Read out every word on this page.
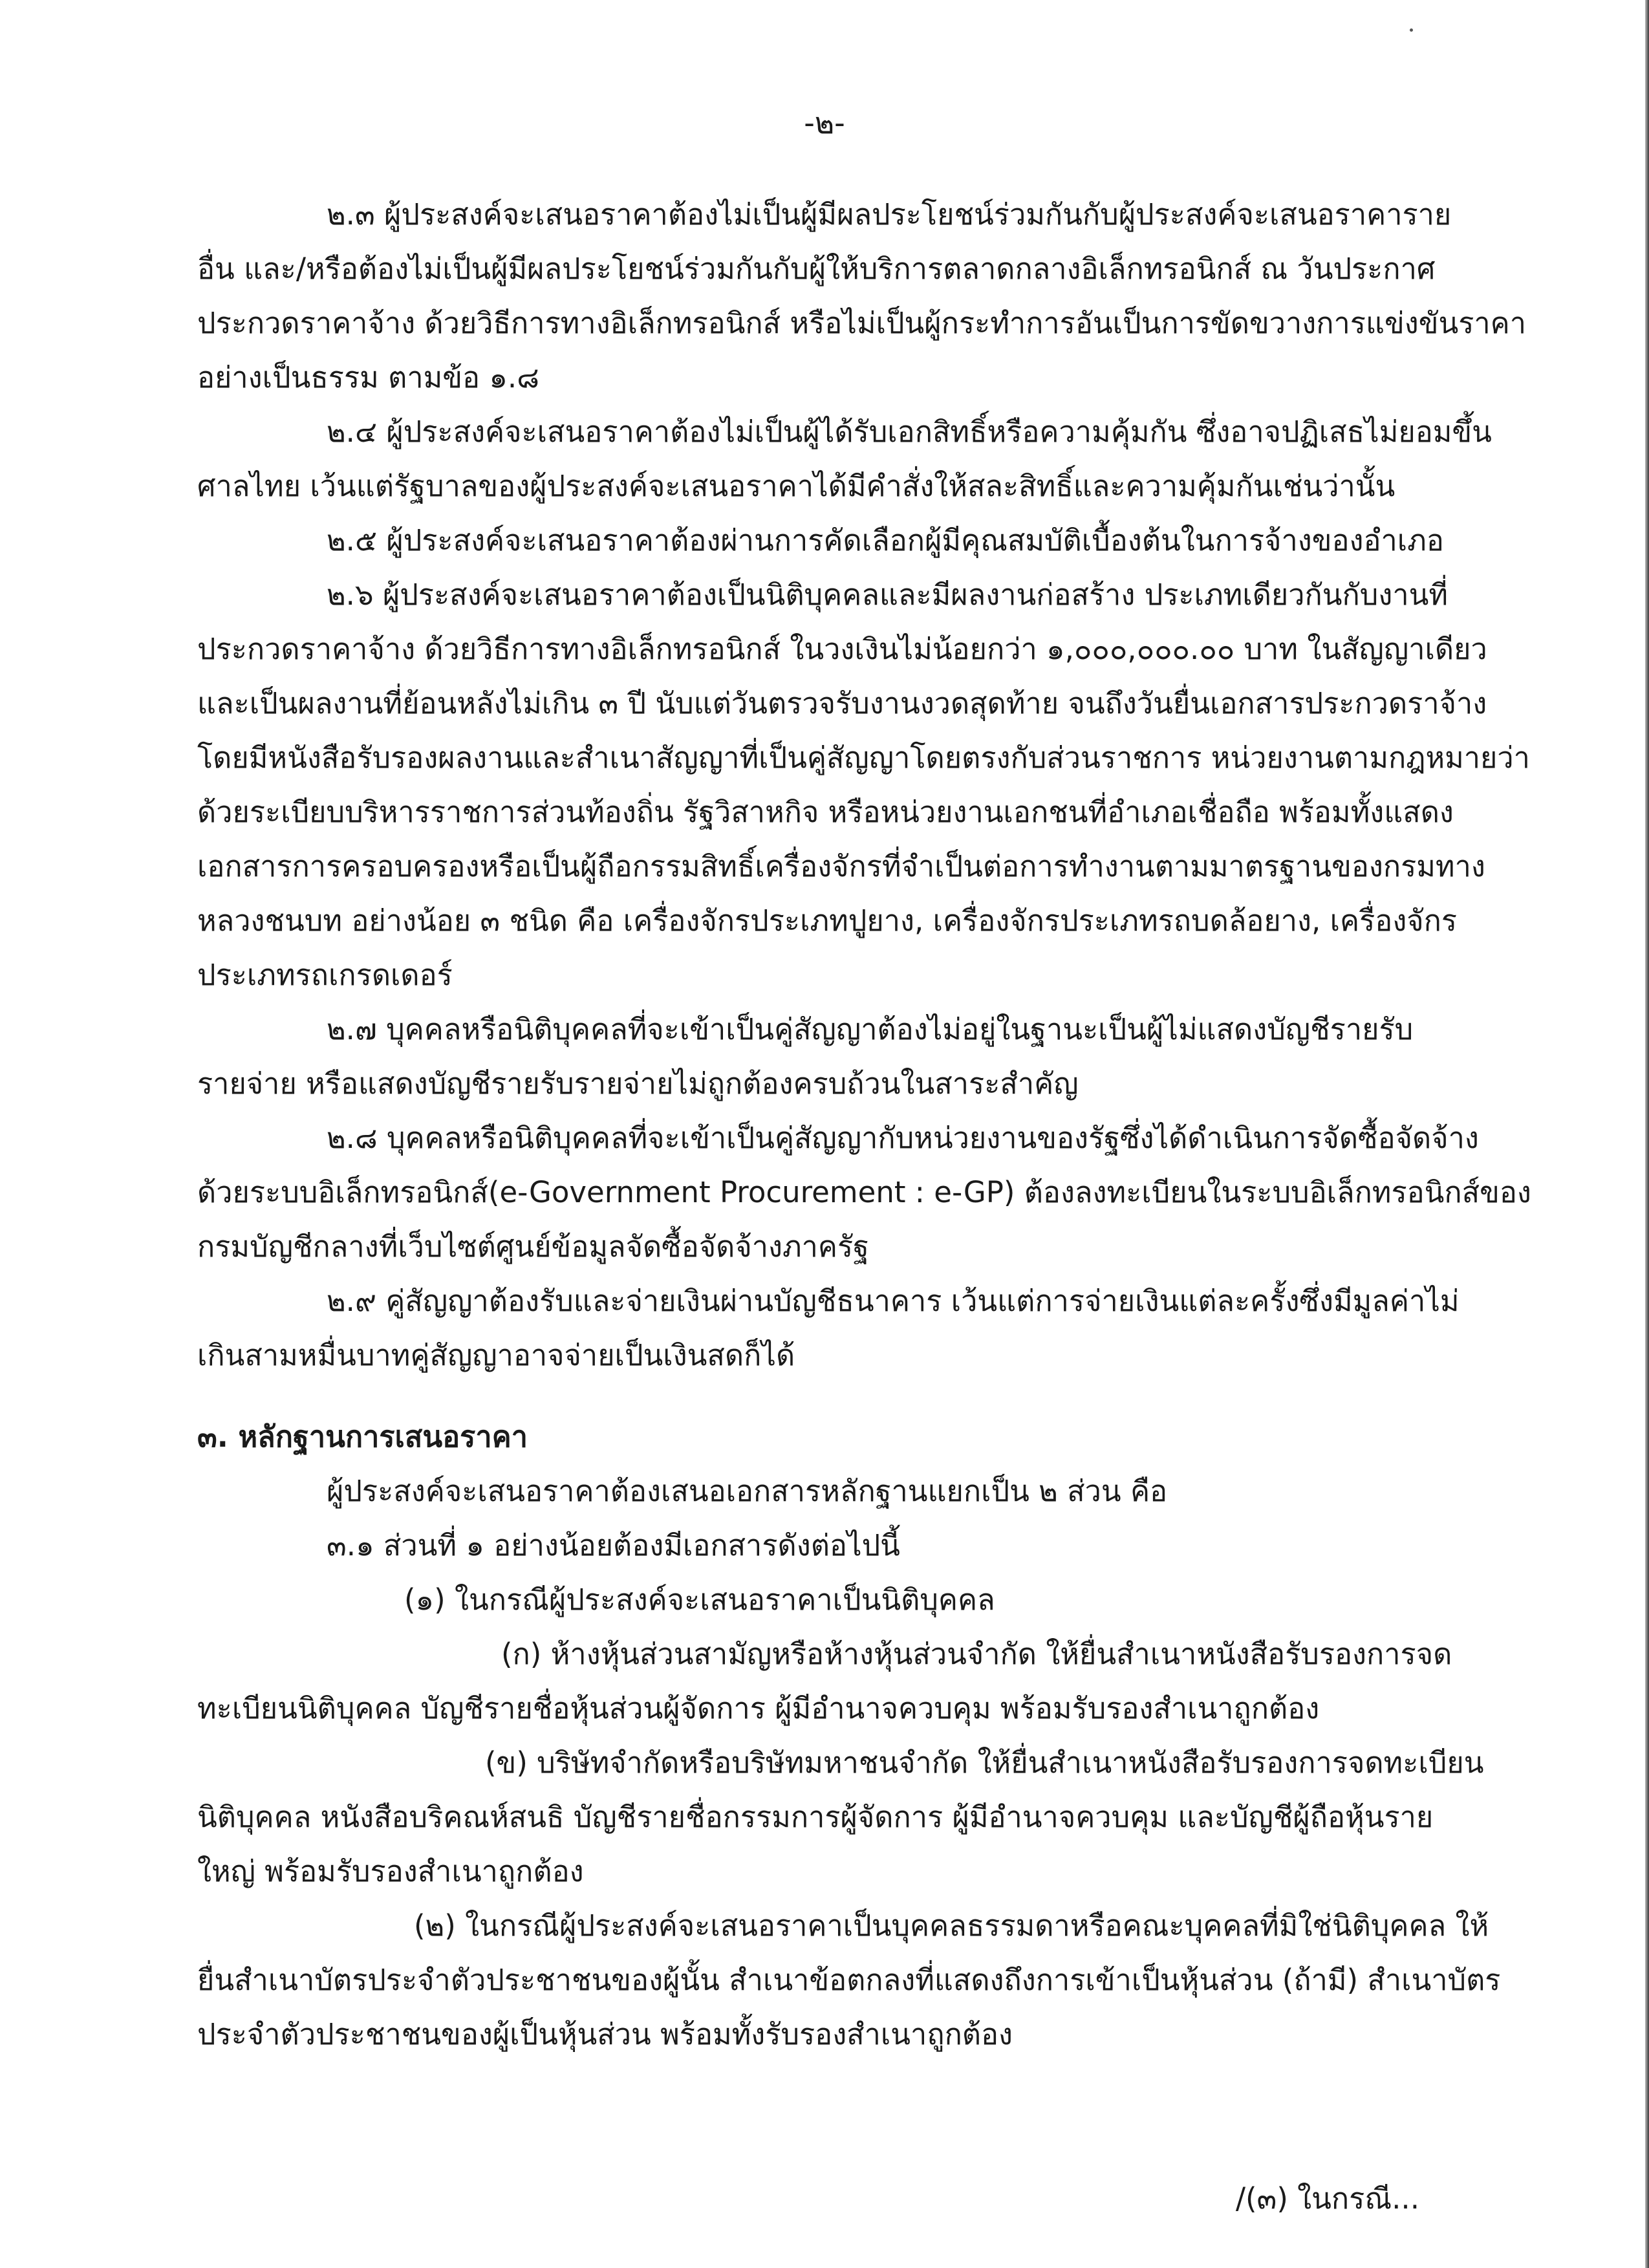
-๒-
๒.๓ ผู้ประสงค์จะเสนอราคาต้องไม่เป็นผู้มีผลประโยชน์ร่วมกันกับผู้ประสงค์จะเสนอราคาราย
อื่น และ/หรือต้องไม่เป็นผู้มีผลประโยชน์ร่วมกันกับผู้ให้บริการตลาดกลางอิเล็กทรอนิกส์ ณ วันประกาศ
ประกวดราคาจ้าง ด้วยวิธีการทางอิเล็กทรอนิกส์ หรือไม่เป็นผู้กระทำการอันเป็นการขัดขวางการแข่งขันราคา
อย่างเป็นธรรม ตามข้อ ๑.๘
๒.๔ ผู้ประสงค์จะเสนอราคาต้องไม่เป็นผู้ได้รับเอกสิทธิ์หรือความคุ้มกัน ซึ่งอาจปฏิเสธไม่ยอมขึ้น
ศาลไทย เว้นแต่รัฐบาลของผู้ประสงค์จะเสนอราคาได้มีคำสั่งให้สละสิทธิ์และความคุ้มกันเช่นว่านั้น
๒.๕ ผู้ประสงค์จะเสนอราคาต้องผ่านการคัดเลือกผู้มีคุณสมบัติเบื้องต้นในการจ้างของอำเภอ
๒.๖ ผู้ประสงค์จะเสนอราคาต้องเป็นนิติบุคคลและมีผลงานก่อสร้าง ประเภทเดียวกันกับงานที่
ประกวดราคาจ้าง ด้วยวิธีการทางอิเล็กทรอนิกส์ ในวงเงินไม่น้อยกว่า ๑,๐๐๐,๐๐๐.๐๐ บาท ในสัญญาเดียว
และเป็นผลงานที่ย้อนหลังไม่เกิน ๓ ปี นับแต่วันตรวจรับงานงวดสุดท้าย จนถึงวันยื่นเอกสารประกวดราจ้าง
โดยมีหนังสือรับรองผลงานและสำเนาสัญญาที่เป็นคู่สัญญาโดยตรงกับส่วนราชการ หน่วยงานตามกฎหมายว่า
ด้วยระเบียบบริหารราชการส่วนท้องถิ่น รัฐวิสาหกิจ หรือหน่วยงานเอกชนที่อำเภอเชื่อถือ พร้อมทั้งแสดง
เอกสารการครอบครองหรือเป็นผู้ถือกรรมสิทธิ์เครื่องจักรที่จำเป็นต่อการทำงานตามมาตรฐานของกรมทาง
หลวงชนบท อย่างน้อย ๓ ชนิด คือ เครื่องจักรประเภทปูยาง, เครื่องจักรประเภทรถบดล้อยาง, เครื่องจักร
ประเภทรถเกรดเดอร์
๒.๗ บุคคลหรือนิติบุคคลที่จะเข้าเป็นคู่สัญญาต้องไม่อยู่ในฐานะเป็นผู้ไม่แสดงบัญชีรายรับ
รายจ่าย หรือแสดงบัญชีรายรับรายจ่ายไม่ถูกต้องครบถ้วนในสาระสำคัญ
๒.๘ บุคคลหรือนิติบุคคลที่จะเข้าเป็นคู่สัญญากับหน่วยงานของรัฐซึ่งได้ดำเนินการจัดซื้อจัดจ้าง
ด้วยระบบอิเล็กทรอนิกส์(e-Government Procurement : e-GP) ต้องลงทะเบียนในระบบอิเล็กทรอนิกส์ของ
กรมบัญชีกลางที่เว็บไซต์ศูนย์ข้อมูลจัดซื้อจัดจ้างภาครัฐ
๒.๙ คู่สัญญาต้องรับและจ่ายเงินผ่านบัญชีธนาคาร เว้นแต่การจ่ายเงินแต่ละครั้งซึ่งมีมูลค่าไม่
เกินสามหมื่นบาทคู่สัญญาอาจจ่ายเป็นเงินสดก็ได้
๓. หลักฐานการเสนอราคา
ผู้ประสงค์จะเสนอราคาต้องเสนอเอกสารหลักฐานแยกเป็น ๒ ส่วน คือ
๓.๑ ส่วนที่ ๑ อย่างน้อยต้องมีเอกสารดังต่อไปนี้
(๑) ในกรณีผู้ประสงค์จะเสนอราคาเป็นนิติบุคคล
(ก) ห้างหุ้นส่วนสามัญหรือห้างหุ้นส่วนจำกัด ให้ยื่นสำเนาหนังสือรับรองการจด
ทะเบียนนิติบุคคล บัญชีรายชื่อหุ้นส่วนผู้จัดการ ผู้มีอำนาจควบคุม พร้อมรับรองสำเนาถูกต้อง
(ข) บริษัทจำกัดหรือบริษัทมหาชนจำกัด ให้ยื่นสำเนาหนังสือรับรองการจดทะเบียน
นิติบุคคล หนังสือบริคณห์สนธิ บัญชีรายชื่อกรรมการผู้จัดการ ผู้มีอำนาจควบคุม และบัญชีผู้ถือหุ้นราย
ใหญ่ พร้อมรับรองสำเนาถูกต้อง
(๒) ในกรณีผู้ประสงค์จะเสนอราคาเป็นบุคคลธรรมดาหรือคณะบุคคลที่มิใช่นิติบุคคล ให้
ยื่นสำเนาบัตรประจำตัวประชาชนของผู้นั้น สำเนาข้อตกลงที่แสดงถึงการเข้าเป็นหุ้นส่วน (ถ้ามี) สำเนาบัตร
ประจำตัวประชาชนของผู้เป็นหุ้นส่วน พร้อมทั้งรับรองสำเนาถูกต้อง
/(๓) ในกรณี...
